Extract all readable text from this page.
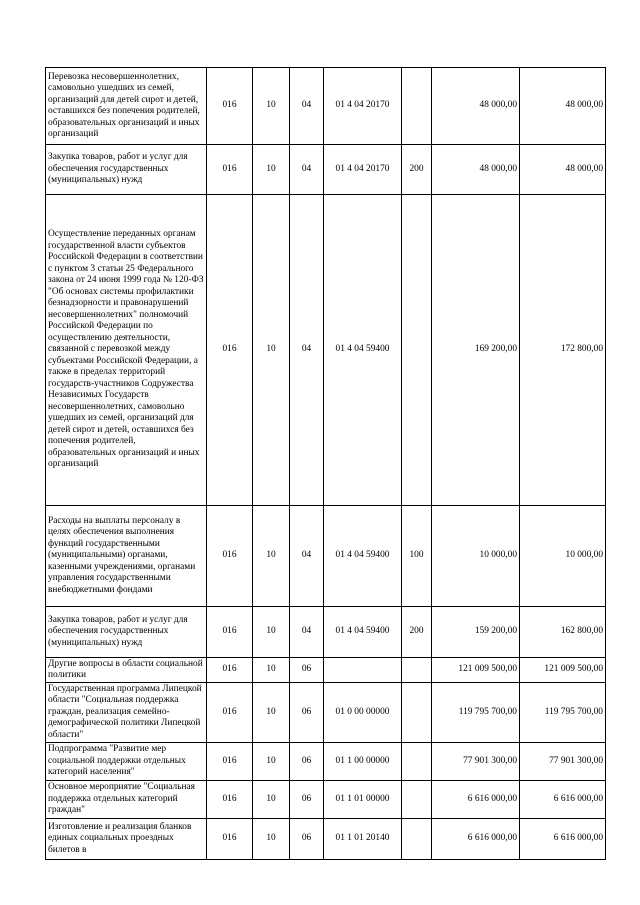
Перевозка несовершеннолетних, самовольно ушедших из семей, организаций для детей сирот и детей, оставшихся без попечения родителей, образовательных организаций и иных организаций	016	10	04	01 4 04 20170		48 000,00	48 000,00
Закупка товаров, работ и услуг для обеспечения государственных (муниципальных) нужд	016	10	04	01 4 04 20170	200	48 000,00	48 000,00
Осуществление переданных органам государственной власти субъектов Российской Федерации в соответствии с пунктом 3 статьи 25 Федерального закона от 24 июня 1999 года № 120-ФЗ "Об основах системы профилактики безнадзорности и правонарушений несовершеннолетних" полномочий Российской Федерации по осуществлению деятельности, связанной с перевозкой между субъектами Российской Федерации, а также в пределах территорий государств-участников Содружества Независимых Государств несовершеннолетних, самовольно ушедших из семей, организаций для детей сирот и детей, оставшихся без попечения родителей, образовательных организаций и иных организаций	016	10	04	01 4 04 59400		169 200,00	172 800,00
Расходы на выплаты персоналу в целях обеспечения выполнения функций государственными (муниципальными) органами, казенными учреждениями, органами управления государственными внебюджетными фондами	016	10	04	01 4 04 59400	100	10 000,00	10 000,00
Закупка товаров, работ и услуг для обеспечения государственных (муниципальных) нужд	016	10	04	01 4 04 59400	200	159 200,00	162 800,00
Другие вопросы в области социальной политики	016	10	06			121 009 500,00	121 009 500,00
Государственная программа Липецкой области "Социальная поддержка граждан, реализация семейно-демографической политики Липецкой области"	016	10	06	01 0 00 00000		119 795 700,00	119 795 700,00
Подпрограмма "Развитие мер социальной поддержки отдельных категорий населения"	016	10	06	01 1 00 00000		77 901 300,00	77 901 300,00
Основное мероприятие "Социальная поддержка отдельных категорий граждан"	016	10	06	01 1 01 00000		6 616 000,00	6 616 000,00
Изготовление и реализация бланков единых социальных проездных билетов в	016	10	06	01 1 01 20140		6 616 000,00	6 616 000,00
